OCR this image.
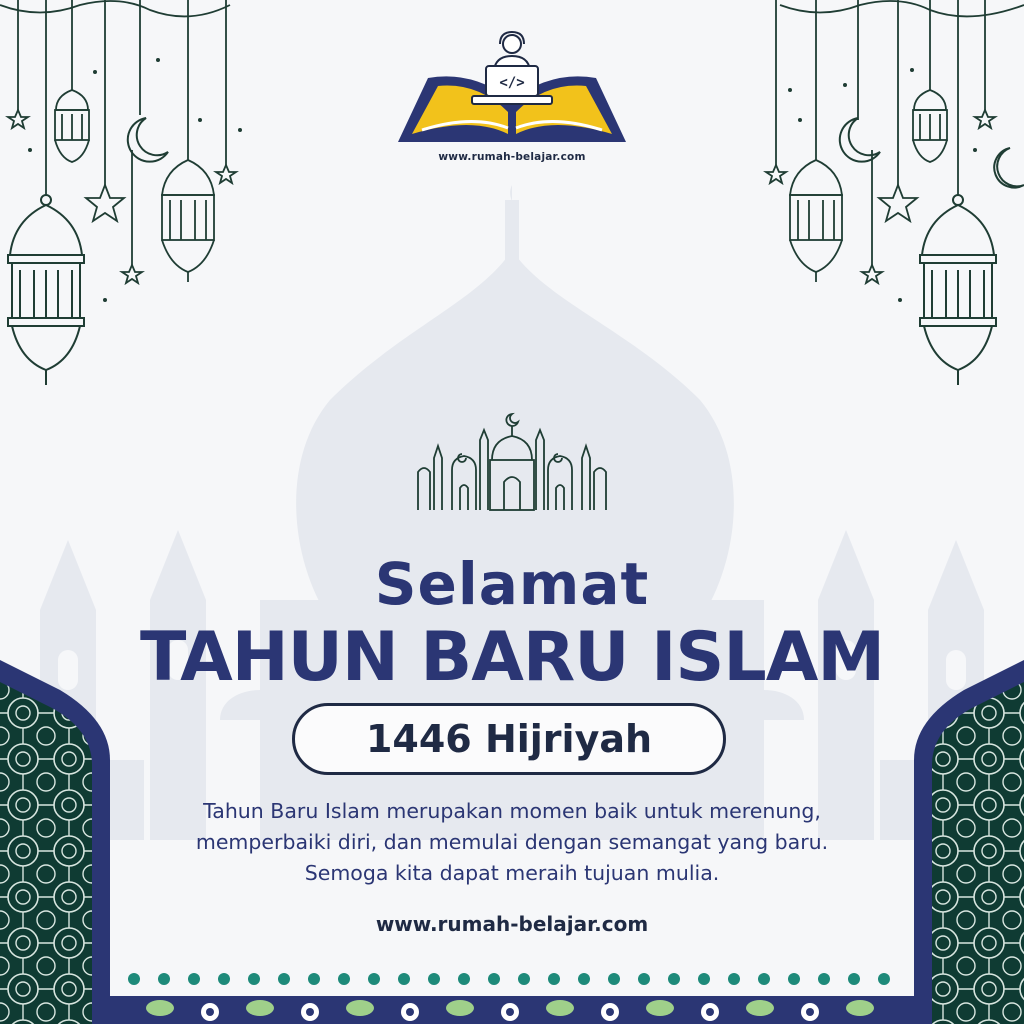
</>
www.rumah-belajar.com
Selamat
TAHUN BARU ISLAM
1446 Hijriyah

Tahun Baru Islam merupakan momen baik untuk merenung, memperbaiki diri, dan memulai dengan semangat yang baru. Semoga kita dapat meraih tujuan mulia.

www.rumah-belajar.com
